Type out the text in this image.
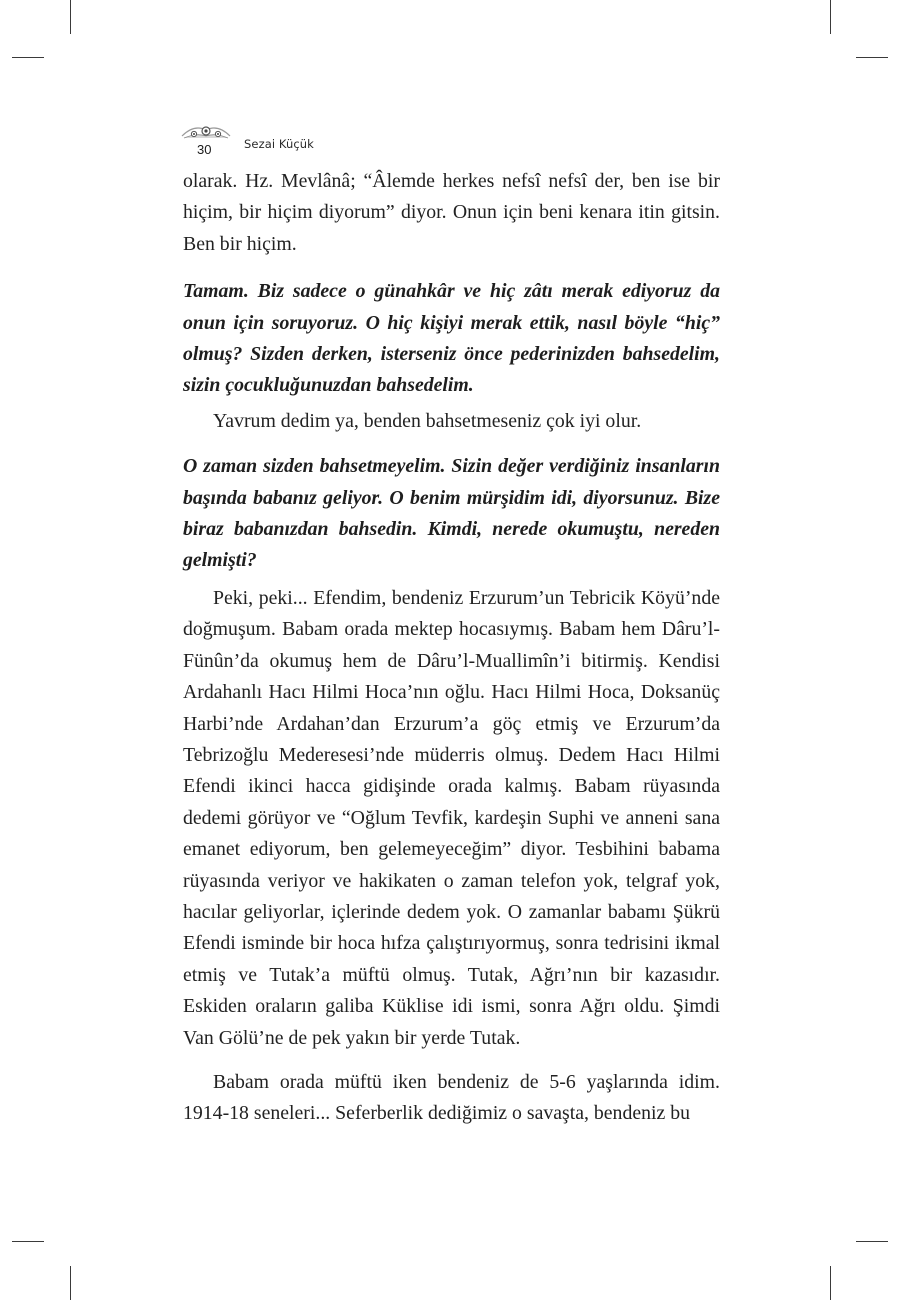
30	Sezai Küçük

olarak. Hz. Mevlânâ; “Âlemde herkes nefsî nefsî der, ben ise bir hiçim, bir hiçim diyorum” diyor. Onun için beni kenara itin gitsin. Ben bir hiçim.

Tamam. Biz sadece o günahkâr ve hiç zâtı merak ediyoruz da onun için soruyoruz. O hiç kişiyi merak ettik, nasıl böyle “hiç” olmuş? Sizden derken, isterseniz önce pederinizden bahsedelim, sizin çocukluğunuzdan bahsedelim.

Yavrum dedim ya, benden bahsetmeseniz çok iyi olur.

O zaman sizden bahsetmeyelim. Sizin değer verdiğiniz insanların başında babanız geliyor. O benim mürşidim idi, diyorsunuz. Bize biraz babanızdan bahsedin. Kimdi, nerede okumuştu, nereden gelmişti?

Peki, peki... Efendim, bendeniz Erzurum’un Tebricik Köyü’nde doğmuşum. Babam orada mektep hocasıymış. Babam hem Dâru’l-Fünûn’da okumuş hem de Dâru’l-Muallimîn’i bitirmiş. Kendisi Ardahanlı Hacı Hilmi Hoca’nın oğlu. Hacı Hilmi Hoca, Doksanüç Harbi’nde Ardahan’dan Erzurum’a göç etmiş ve Erzurum’da Tebrizoğlu Mederesesi’nde müderris olmuş. Dedem Hacı Hilmi Efendi ikinci hacca gidişinde orada kalmış. Babam rüyasında dedemi görüyor ve “Oğlum Tevfik, kardeşin Suphi ve anneni sana emanet ediyorum, ben gelemeyeceğim” diyor. Tesbihini babama rüyasında veriyor ve hakikaten o zaman telefon yok, telgraf yok, hacılar geliyorlar, içlerinde dedem yok. O zamanlar babamı Şükrü Efendi isminde bir hoca hıfza çalıştırıyormuş, sonra tedrisini ikmal etmiş ve Tutak’a müftü olmuş. Tutak, Ağrı’nın bir kazasıdır. Eskiden oraların galiba Küklise idi ismi, sonra Ağrı oldu. Şimdi Van Gölü’ne de pek yakın bir yerde Tutak.

Babam orada müftü iken bendeniz de 5-6 yaşlarında idim. 1914-18 seneleri... Seferberlik dediğimiz o savaşta, bendeniz bu
